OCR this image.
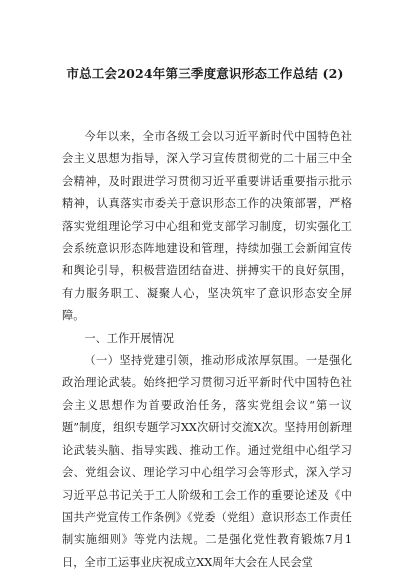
市总工会2024年第三季度意识形态工作总结 (2)

今年以来，全市各级工会以习近平新时代中国特色社会主义思想为指导，深入学习宣传贯彻党的二十届三中全会精神，及时跟进学习贯彻习近平重要讲话重要指示批示精神，认真落实市委关于意识形态工作的决策部署，严格落实党组理论学习中心组和党支部学习制度，切实强化工会系统意识形态阵地建设和管理，持续加强工会新闻宣传和舆论引导，积极营造团结奋进、拼搏实干的良好氛围，有力服务职工、凝聚人心，坚决筑牢了意识形态安全屏障。

一、工作开展情况

（一）坚持党建引领，推动形成浓厚氛围。一是强化政治理论武装。始终把学习贯彻习近平新时代中国特色社会主义思想作为首要政治任务，落实党组会议“第一议题”制度，组织专题学习XX次研讨交流X次。坚持用创新理论武装头脑、指导实践、推动工作。通过党组中心组学习会、党组会议、理论学习中心组学习会等形式，深入学习习近平总书记关于工人阶级和工会工作的重要论述及《中国共产党宣传工作条例》《党委（党组）意识形态工作责任制实施细则》等党内法规。二是强化党性教育锻炼7月1日，全市工运事业庆祝成立XX周年大会在人民会堂
